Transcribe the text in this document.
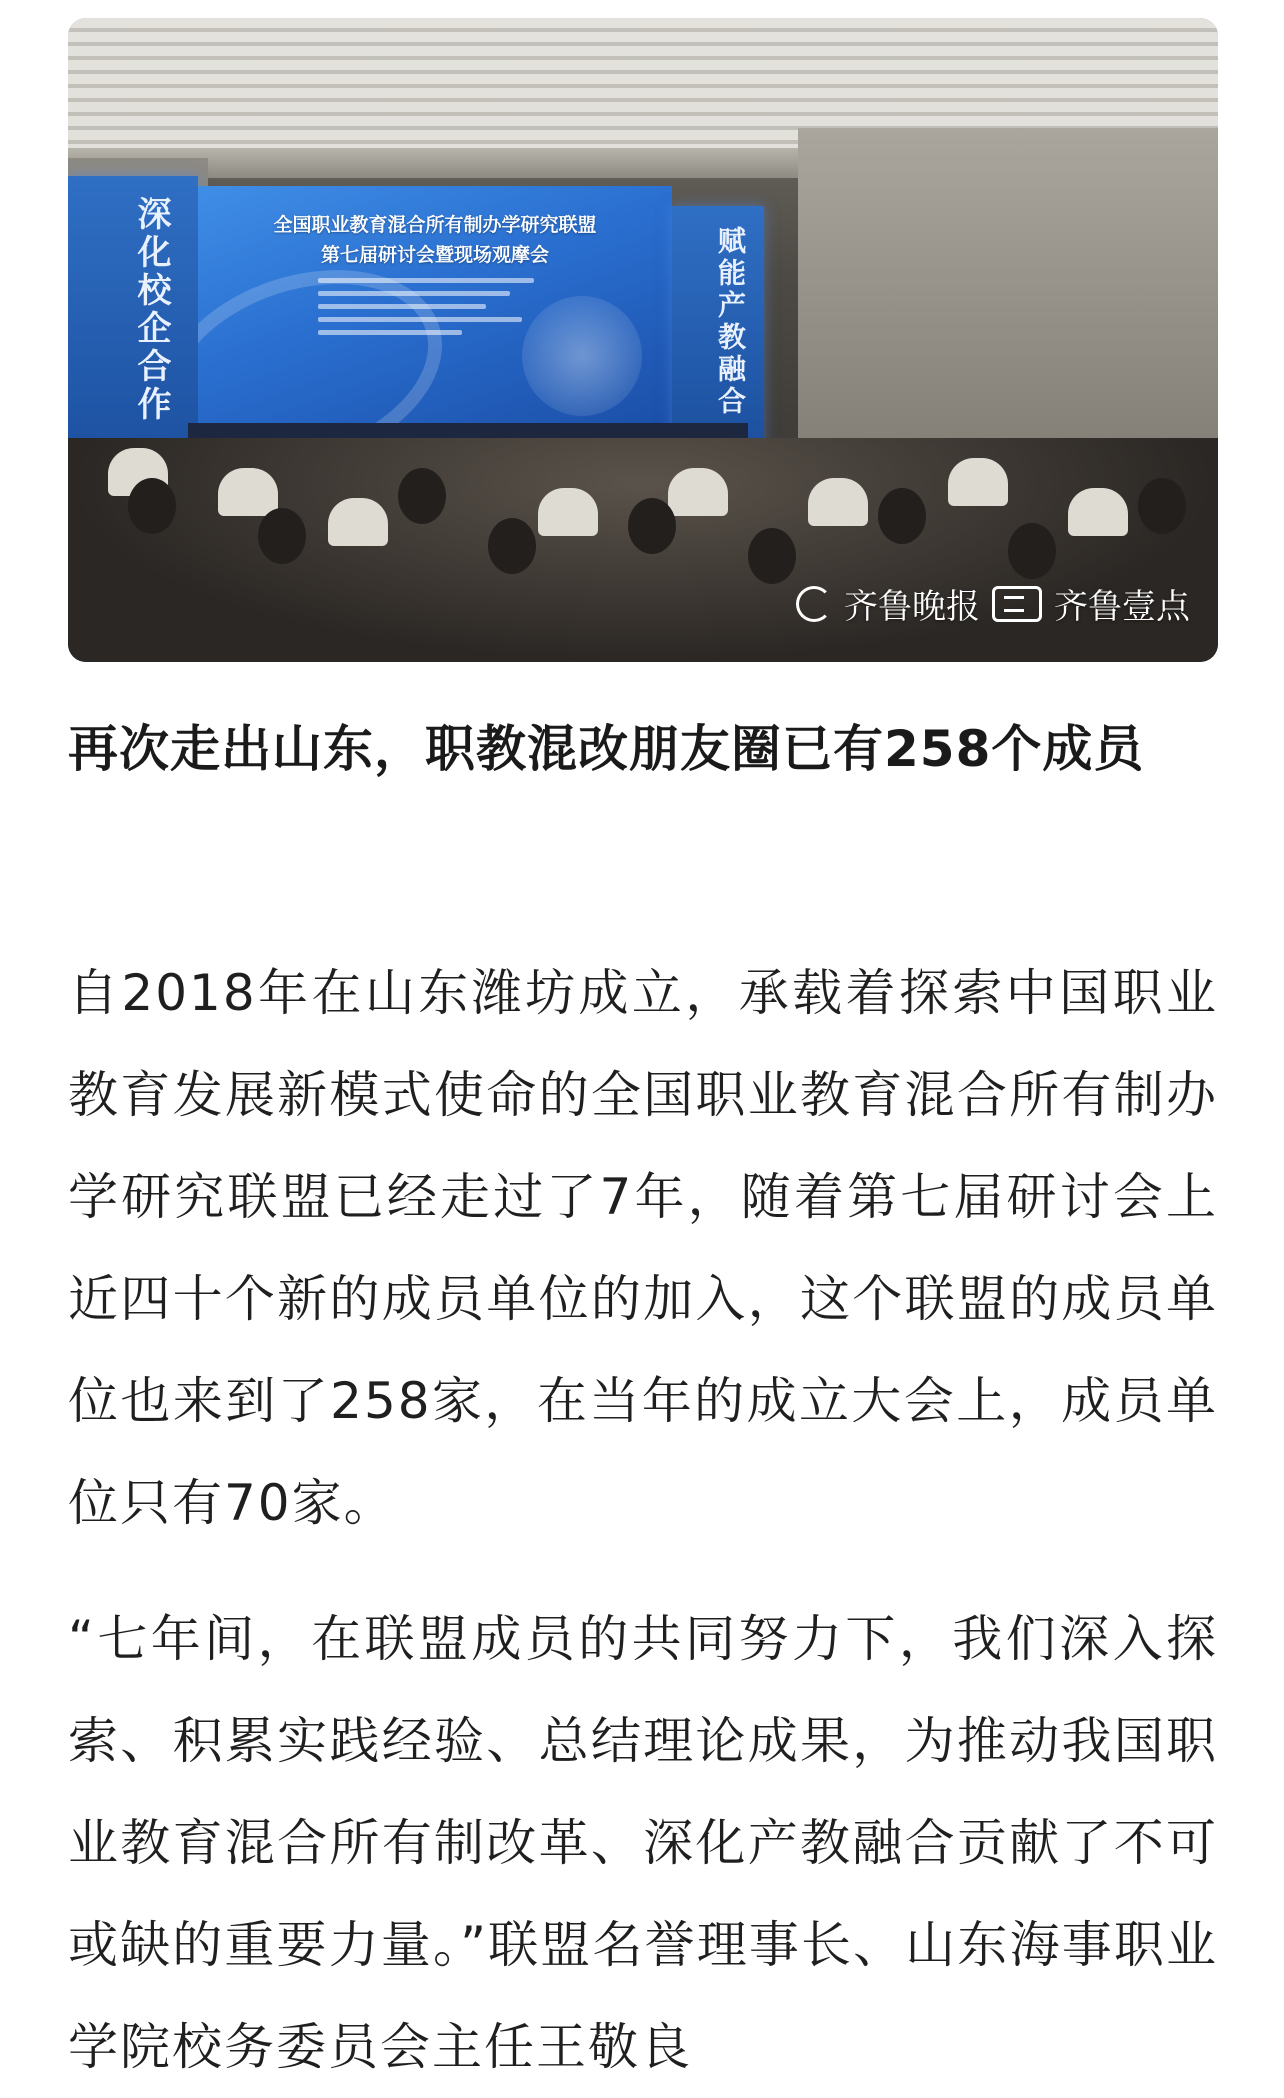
深化校企合作	全国职业教育混合所有制办学研究联盟
第七届研讨会暨现场观摩会	赋能产教融合
齐鲁晚报 齐鲁壹点
再次走出山东，职教混改朋友圈已有258个成员
自2018年在山东潍坊成立，承载着探索中国职业教育发展新模式使命的全国职业教育混合所有制办学研究联盟已经走过了7年，随着第七届研讨会上近四十个新的成员单位的加入，这个联盟的成员单位也来到了258家，在当年的成立大会上，成员单位只有70家。
“七年间，在联盟成员的共同努力下，我们深入探索、积累实践经验、总结理论成果，为推动我国职业教育混合所有制改革、深化产教融合贡献了不可或缺的重要力量。”联盟名誉理事长、山东海事职业学院校务委员会主任王敬良
